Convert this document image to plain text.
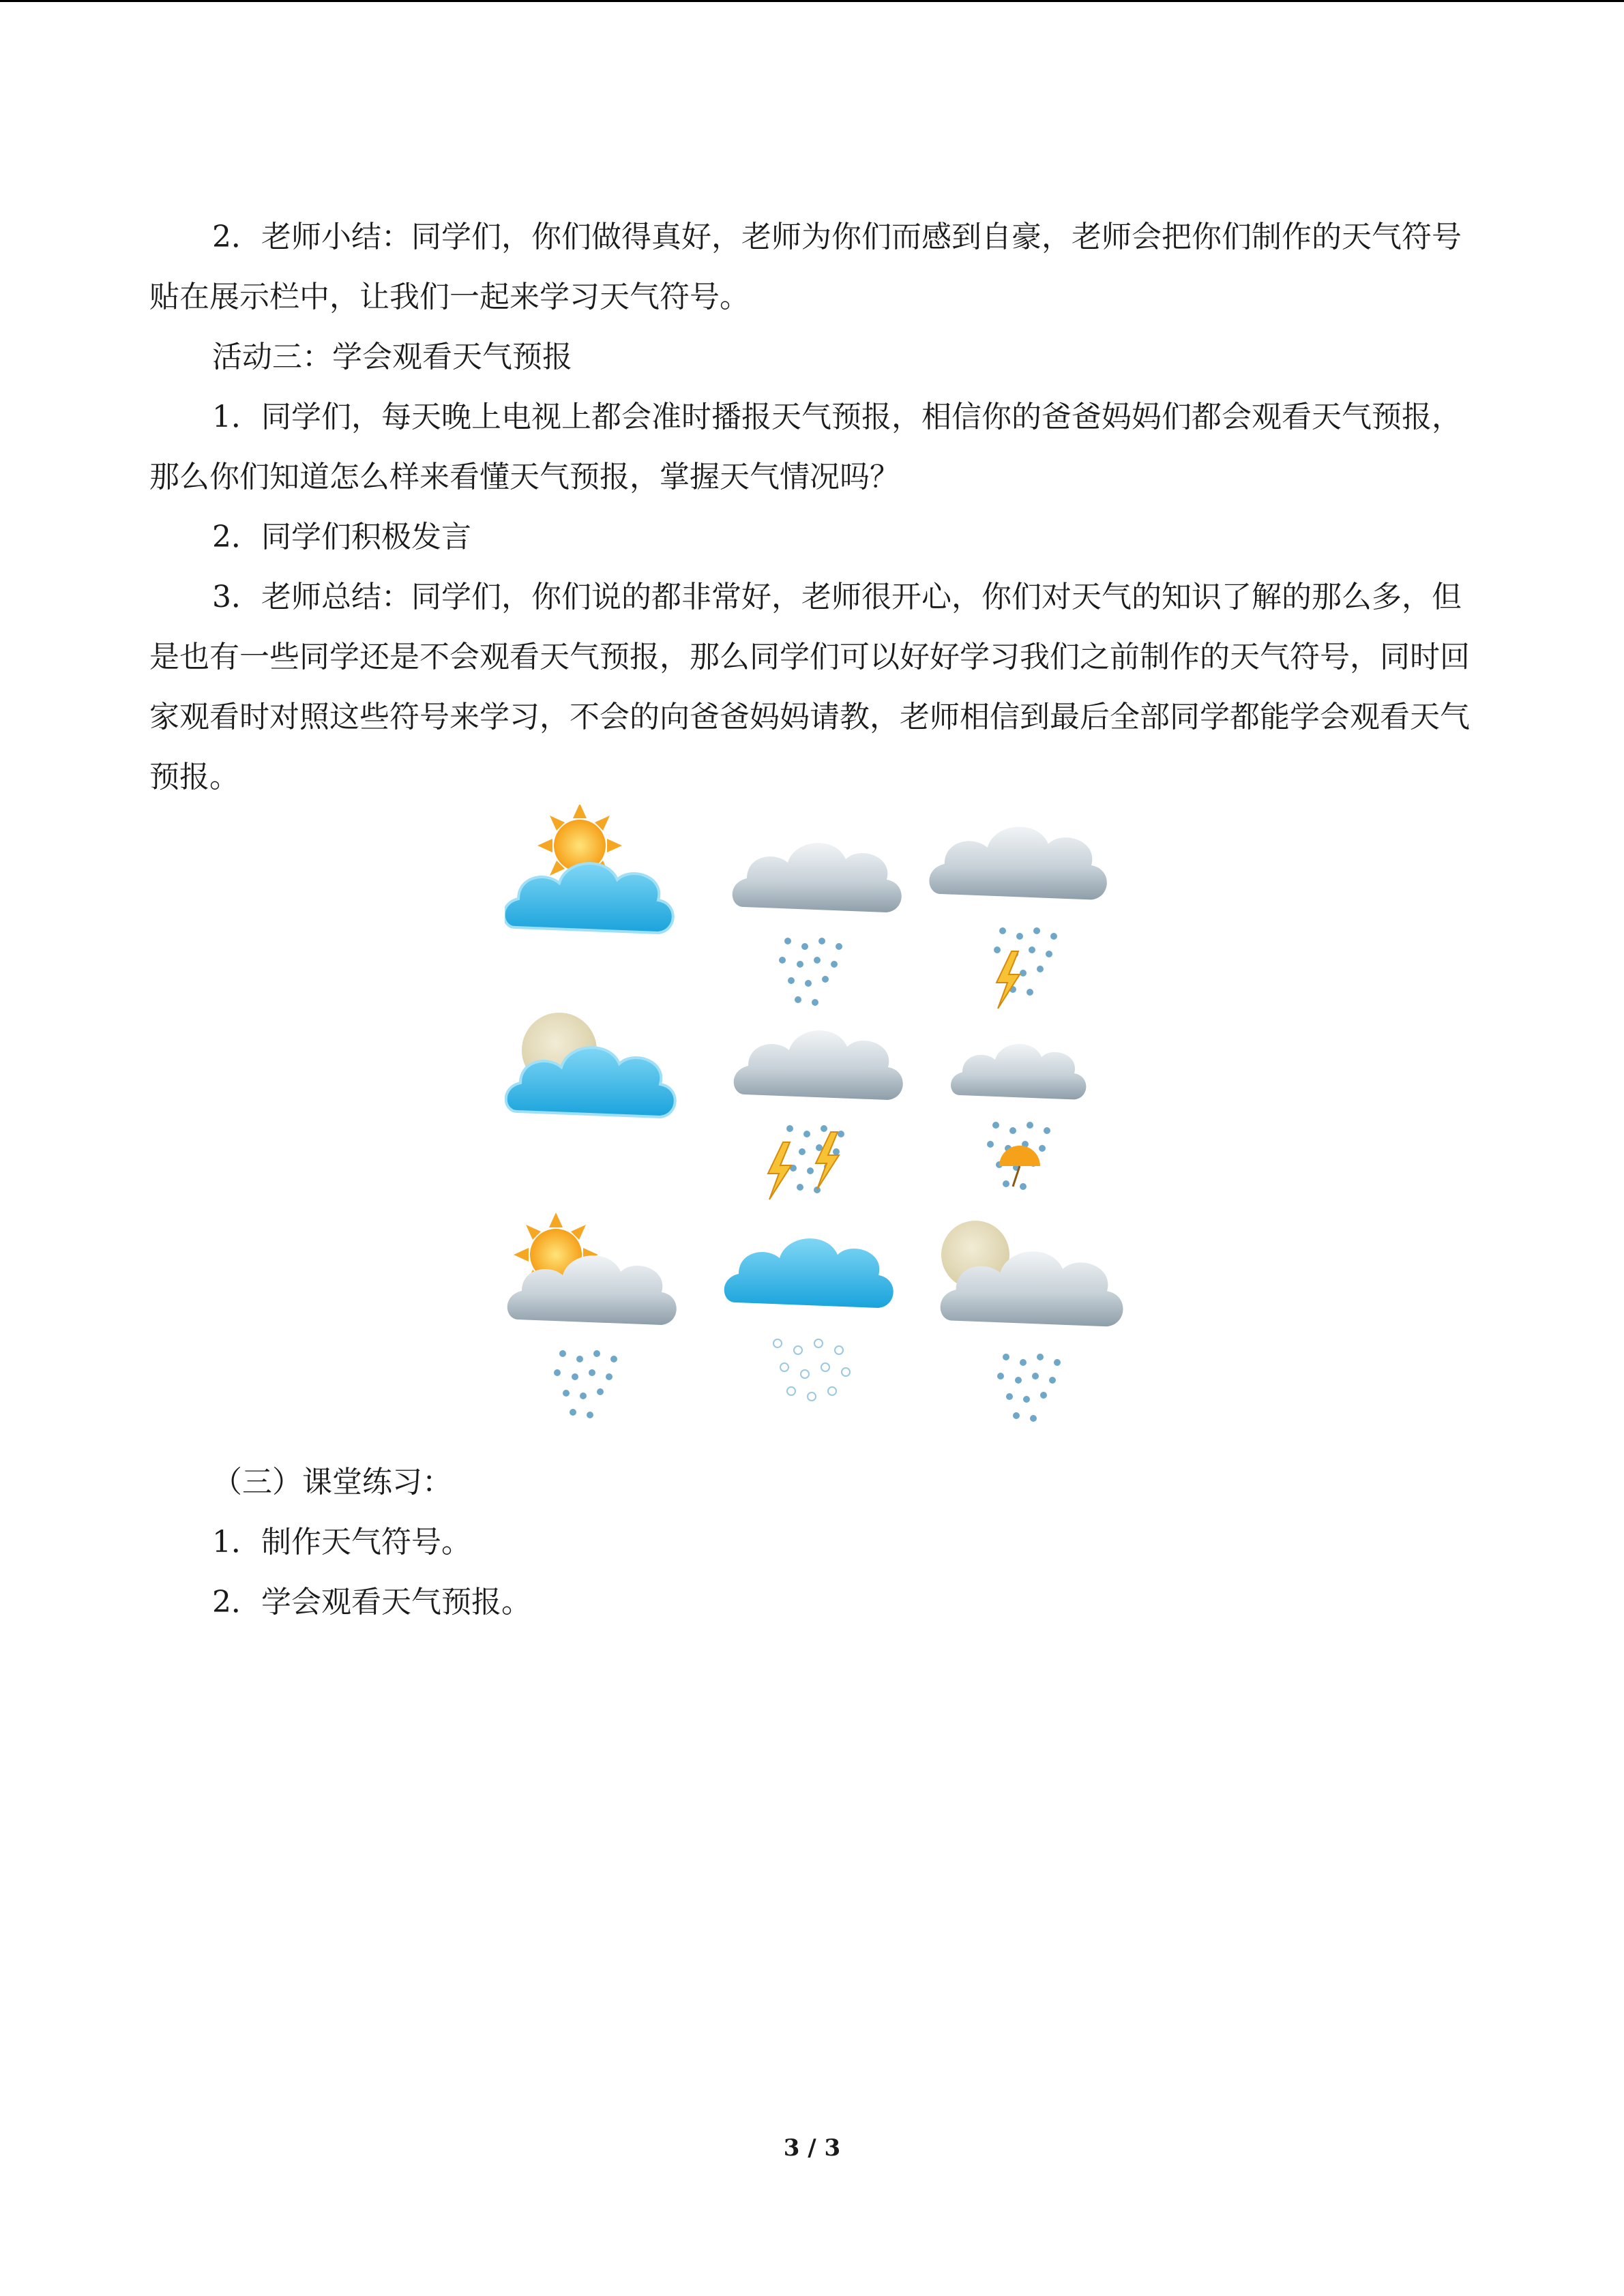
2．老师小结：同学们，你们做得真好，老师为你们而感到自豪，老师会把你们制作的天气符号贴在展示栏中，让我们一起来学习天气符号。

活动三：学会观看天气预报

1．同学们，每天晚上电视上都会准时播报天气预报，相信你的爸爸妈妈们都会观看天气预报，那么你们知道怎么样来看懂天气预报，掌握天气情况吗？

2．同学们积极发言

3．老师总结：同学们，你们说的都非常好，老师很开心，你们对天气的知识了解的那么多，但是也有一些同学还是不会观看天气预报，那么同学们可以好好学习我们之前制作的天气符号，同时回家观看时对照这些符号来学习，不会的向爸爸妈妈请教，老师相信到最后全部同学都能学会观看天气预报。

（三）课堂练习：

1．制作天气符号。

2．学会观看天气预报。

3 / 3
